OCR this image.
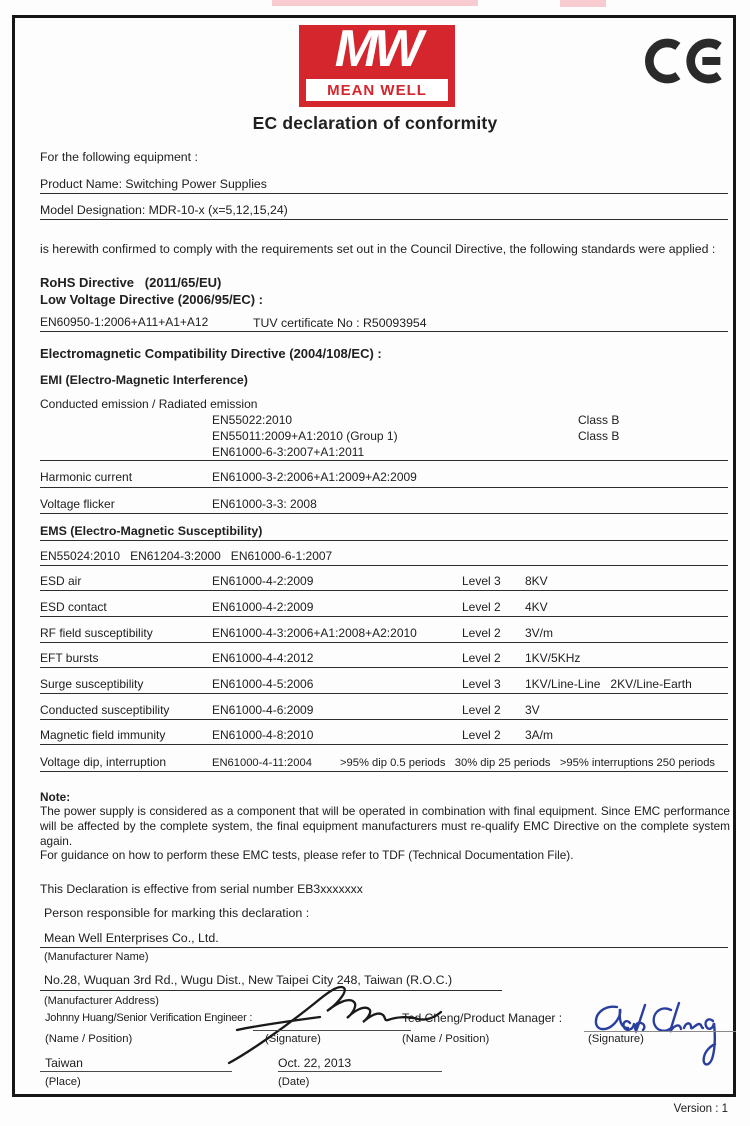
MW
MEAN WELL
EC declaration of conformity
For the following equipment :
Product Name: Switching Power Supplies
Model Designation: MDR-10-x (x=5,12,15,24)
is herewith confirmed to comply with the requirements set out in the Council Directive, the following standards were applied :
RoHS Directive   (2011/65/EU)
Low Voltage Directive (2006/95/EC) :
EN60950-1:2006+A11+A1+A12	TUV certificate No : R50093954
Electromagnetic Compatibility Directive (2004/108/EC) :
EMI (Electro-Magnetic Interference)
Conducted emission / Radiated emission
EN55022:2010	Class B
EN55011:2009+A1:2010 (Group 1)	Class B
EN61000-6-3:2007+A1:2011
Harmonic current	EN61000-3-2:2006+A1:2009+A2:2009
Voltage flicker	EN61000-3-3: 2008
EMS (Electro-Magnetic Susceptibility)
EN55024:2010   EN61204-3:2000   EN61000-6-1:2007
ESD air	EN61000-4-2:2009	Level 3 8KV
ESD contact	EN61000-4-2:2009	Level 2 4KV
RF field susceptibility	EN61000-4-3:2006+A1:2008+A2:2010	Level 2 3V/m
EFT bursts	EN61000-4-4:2012	Level 2 1KV/5KHz
Surge susceptibility	EN61000-4-5:2006	Level 3 1KV/Line-Line   2KV/Line-Earth
Conducted susceptibility	EN61000-4-6:2009	Level 2 3V
Magnetic field immunity	EN61000-4-8:2010	Level 2 3A/m
Voltage dip, interruption	EN61000-4-11:2004	>95% dip 0.5 periods   30% dip 25 periods   >95% interruptions 250 periods
Note:
The power supply is considered as a component that will be operated in combination with final equipment. Since EMC performance will be affected by the complete system, the final equipment manufacturers must re-qualify EMC Directive on the complete system again.
For guidance on how to perform these EMC tests, please refer to TDF (Technical Documentation File).
This Declaration is effective from serial number EB3xxxxxxx
Person responsible for marking this declaration :
Mean Well Enterprises Co., Ltd.
(Manufacturer Name)
No.28, Wuquan 3rd Rd., Wugu Dist., New Taipei City 248, Taiwan (R.O.C.)
(Manufacturer Address)
Johnny Huang/Senior Verification Engineer :	Ted Cheng/Product Manager :
(Name / Position)	(Signature)	(Name / Position)	(Signature)
Taiwan	Oct. 22, 2013
(Place)	(Date)
Version : 1
